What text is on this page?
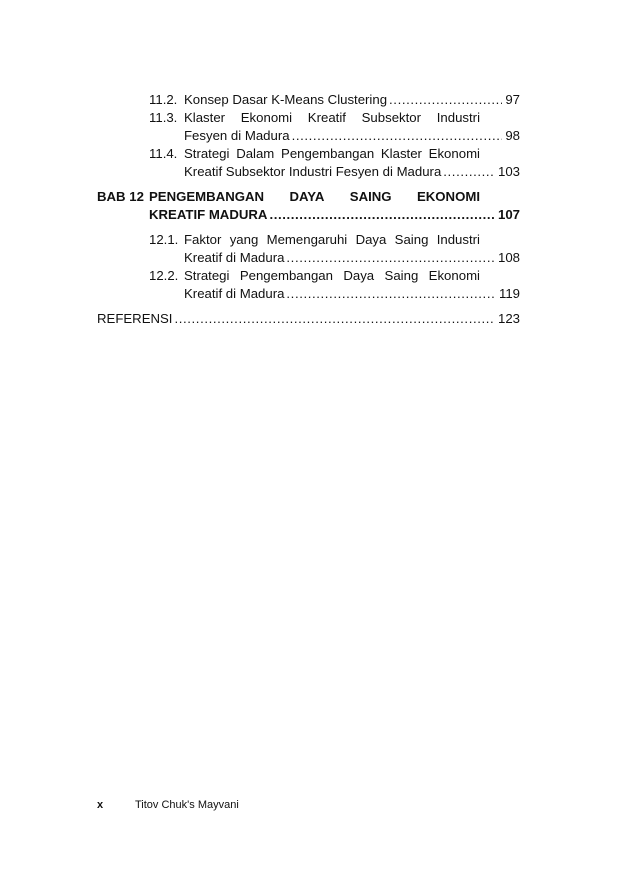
11.2. Konsep Dasar K-Means Clustering .....	97
11.3. Klaster Ekonomi Kreatif Subsektor Industri
Fesyen di Madura .....	98
11.4. Strategi Dalam Pengembangan Klaster Ekonomi
Kreatif Subsektor Industri Fesyen di Madura .....	103
BAB 12 PENGEMBANGAN DAYA SAING EKONOMI
KREATIF MADURA .....	107
12.1. Faktor yang Memengaruhi Daya Saing Industri
Kreatif di Madura .....	108
12.2. Strategi Pengembangan Daya Saing Ekonomi
Kreatif di Madura .....	119
REFERENSI .....	123
x	Titov Chuk's Mayvani
